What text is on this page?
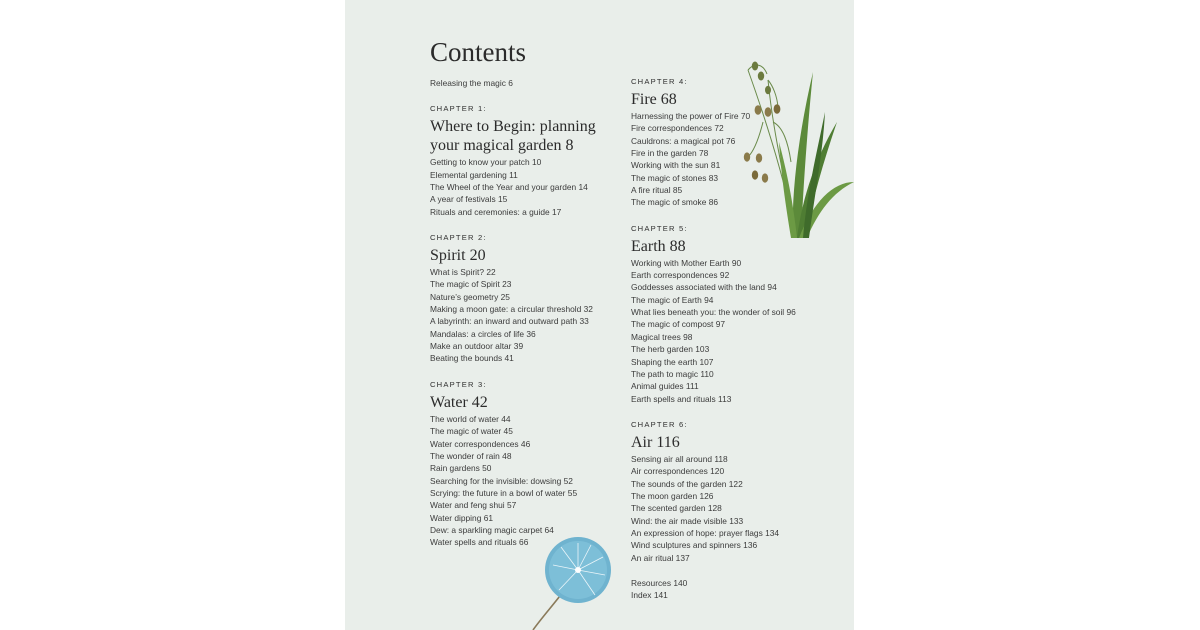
Contents
Releasing the magic 6
CHAPTER 1:
Where to Begin: planning your magical garden 8
Getting to know your patch 10
Elemental gardening 11
The Wheel of the Year and your garden 14
A year of festivals 15
Rituals and ceremonies: a guide 17
CHAPTER 2:
Spirit 20
What is Spirit? 22
The magic of Spirit 23
Nature’s geometry 25
Making a moon gate: a circular threshold 32
A labyrinth: an inward and outward path 33
Mandalas: a circles of life 36
Make an outdoor altar 39
Beating the bounds 41
CHAPTER 3:
Water 42
The world of water 44
The magic of water 45
Water correspondences 46
The wonder of rain 48
Rain gardens 50
Searching for the invisible: dowsing 52
Scrying: the future in a bowl of water 55
Water and feng shui 57
Water dipping 61
Dew: a sparkling magic carpet 64
Water spells and rituals 66
CHAPTER 4:
Fire 68
Harnessing the power of Fire 70
Fire correspondences 72
Cauldrons: a magical pot 76
Fire in the garden 78
Working with the sun 81
The magic of stones 83
A fire ritual 85
The magic of smoke 86
CHAPTER 5:
Earth 88
Working with Mother Earth 90
Earth correspondences 92
Goddesses associated with the land 94
The magic of Earth 94
What lies beneath you: the wonder of soil 96
The magic of compost 97
Magical trees 98
The herb garden 103
Shaping the earth 107
The path to magic 110
Animal guides 111
Earth spells and rituals 113
CHAPTER 6:
Air 116
Sensing air all around 118
Air correspondences 120
The sounds of the garden 122
The moon garden 126
The scented garden 128
Wind: the air made visible 133
An expression of hope: prayer flags 134
Wind sculptures and spinners 136
An air ritual 137
Resources 140
Index 141
